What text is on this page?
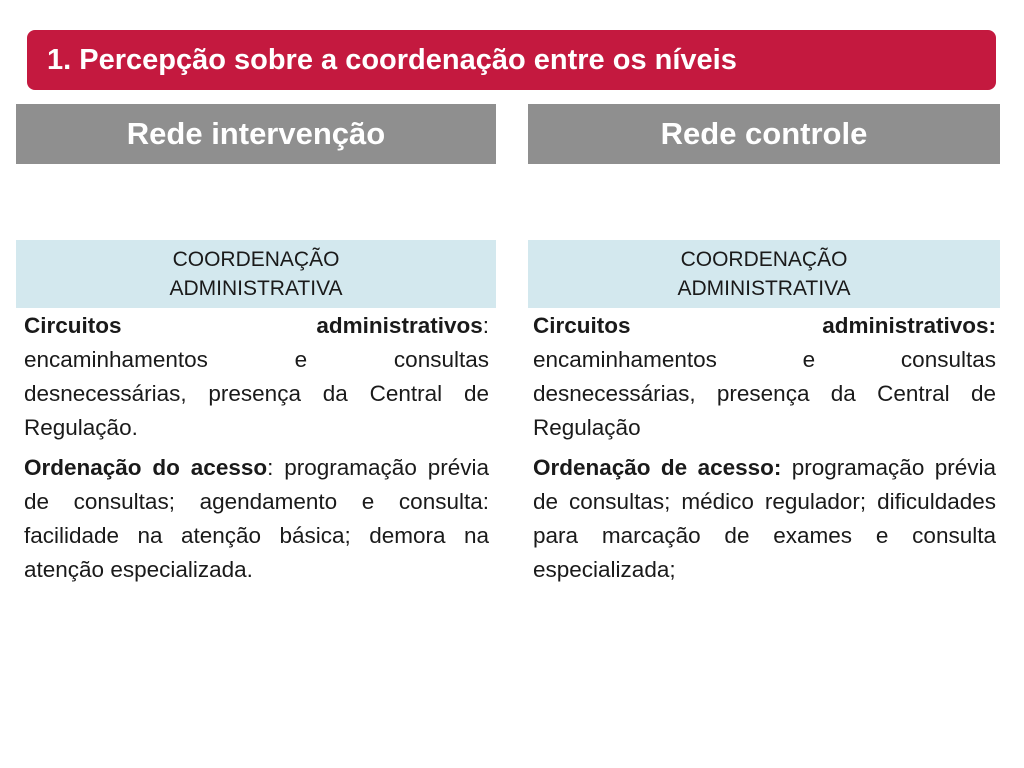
1. Percepção sobre a coordenação entre os níveis
Rede intervenção	Rede controle
COORDENAÇÃO
ADMINISTRATIVA
COORDENAÇÃO
ADMINISTRATIVA

Circuitos administrativos: encaminhamentos e consultas desnecessárias, presença da Central de Regulação.

Ordenação do acesso: programação prévia de consultas; agendamento e consulta: facilidade na atenção básica; demora na atenção especializada.

Circuitos administrativos: encaminhamentos e consultas desnecessárias, presença da Central de Regulação

Ordenação de acesso: programação prévia de consultas; médico regulador; dificuldades para marcação de exames e consulta especializada;
